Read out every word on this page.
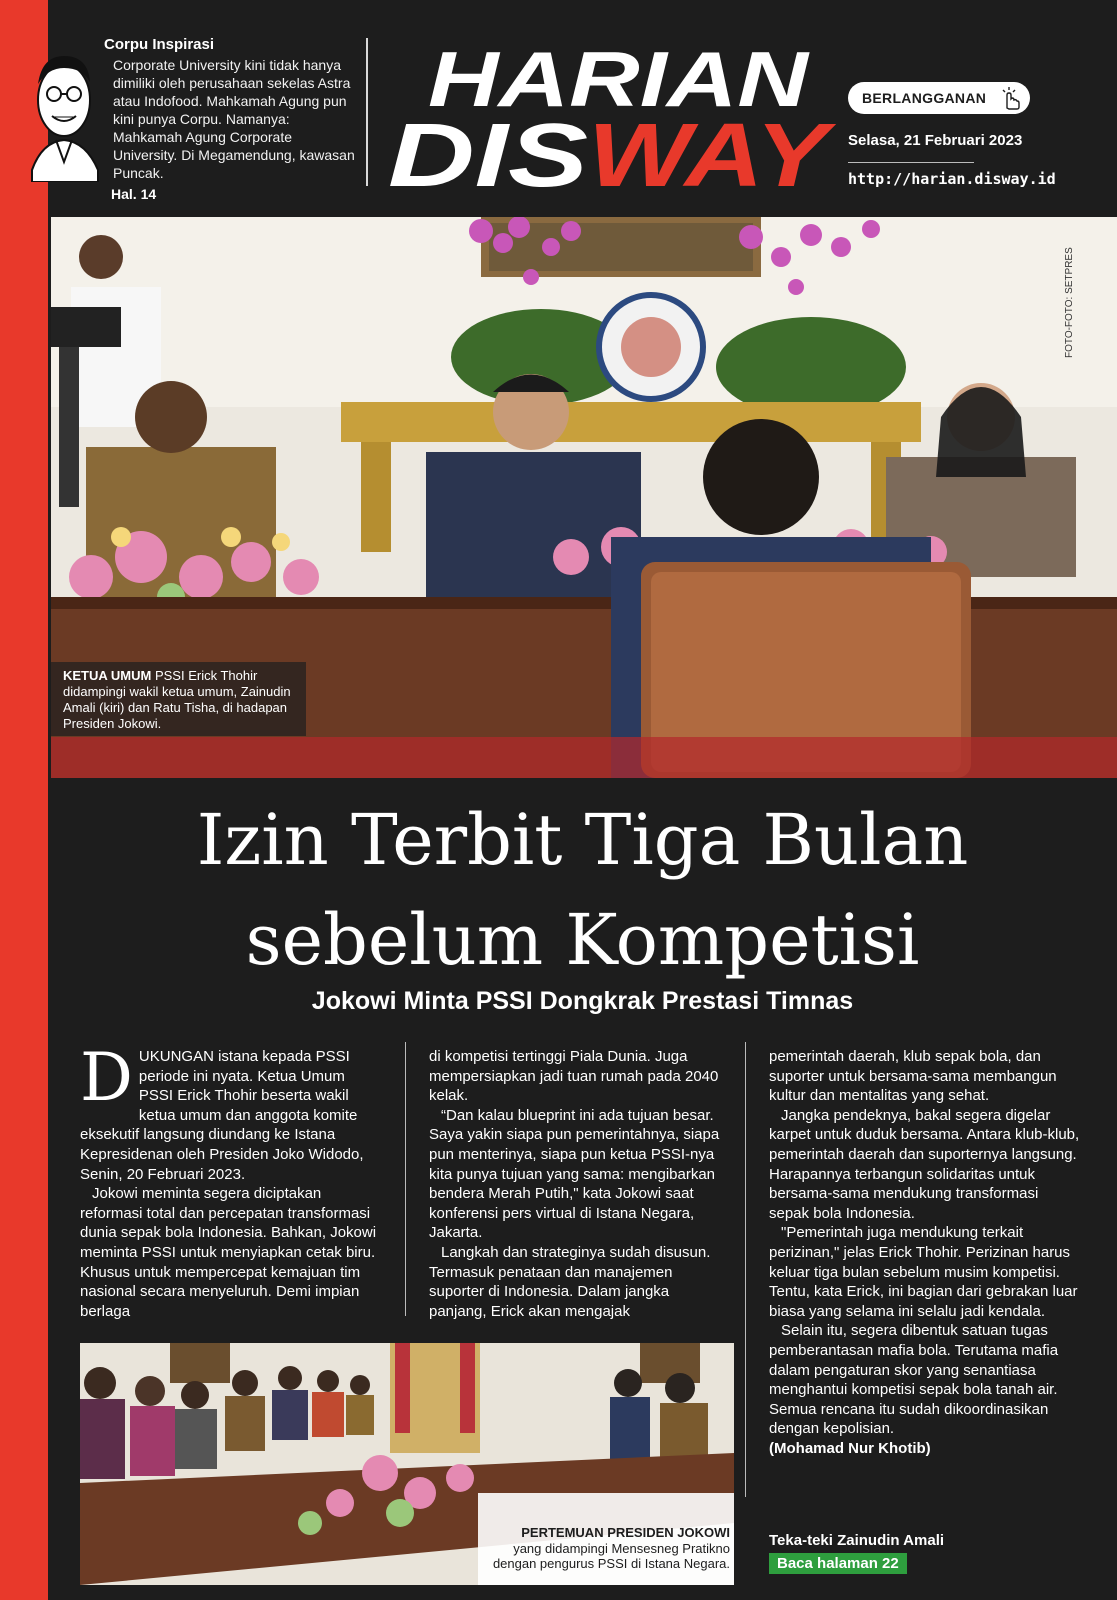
Corpu Inspirasi
Corporate University kini tidak hanya dimiliki oleh perusahaan sekelas Astra atau Indofood. Mahkamah Agung pun kini punya Corpu. Namanya: Mahkamah Agung Corporate University. Di Megamendung, kawasan Puncak.
Hal. 14
HARIAN
DIS WAY
BERLANGGANAN
Selasa, 21 Februari 2023
http://harian.disway.id
FOTO-FOTO: SETPRES
KETUA UMUM PSSI Erick Thohir didampingi wakil ketua umum, Zainudin Amali (kiri) dan Ratu Tisha, di hadapan Presiden Jokowi.
Izin Terbit Tiga Bulan
sebelum Kompetisi
Jokowi Minta PSSI Dongkrak Prestasi Timnas
D UKUNGAN istana kepada PSSI periode ini nyata. Ketua Umum PSSI Erick Thohir beserta wakil ketua umum dan anggota komite eksekutif langsung diundang ke Istana Kepresidenan oleh Presiden Joko Widodo, Senin, 20 Februari 2023.

Jokowi meminta segera diciptakan reformasi total dan percepatan transformasi dunia sepak bola Indonesia. Bahkan, Jokowi meminta PSSI untuk menyiapkan cetak biru. Khusus untuk mempercepat kemajuan tim nasional secara menyeluruh. Demi impian berlaga

di kompetisi tertinggi Piala Dunia. Juga mempersiapkan jadi tuan rumah pada 2040 kelak.

“Dan kalau blueprint ini ada tujuan besar. Saya yakin siapa pun pemerintahnya, siapa pun menterinya, siapa pun ketua PSSI-nya kita punya tujuan yang sama: mengibarkan bendera Merah Putih," kata Jokowi saat konferensi pers virtual di Istana Negara, Jakarta.

Langkah dan strateginya sudah disusun. Termasuk penataan dan manajemen suporter di Indonesia. Dalam jangka panjang, Erick akan mengajak

pemerintah daerah, klub sepak bola, dan suporter untuk bersama-sama membangun kultur dan mentalitas yang sehat.

Jangka pendeknya, bakal segera digelar karpet untuk duduk bersama. Antara klub-klub, pemerintah daerah dan suporternya langsung. Harapannya terbangun solidaritas untuk bersama-sama mendukung transformasi sepak bola Indonesia.

"Pemerintah juga mendukung terkait perizinan," jelas Erick Thohir. Perizinan harus keluar tiga bulan sebelum musim kompetisi. Tentu, kata Erick, ini bagian dari gebrakan luar biasa yang selama ini selalu jadi kendala.

Selain itu, segera dibentuk satuan tugas pemberantasan mafia bola. Terutama mafia dalam pengaturan skor yang senantiasa menghantui kompetisi sepak bola tanah air. Semua rencana itu sudah dikoordinasikan dengan kepolisian.

(Mohamad Nur Khotib)

PERTEMUAN PRESIDEN JOKOWI
yang didampingi Mensesneg Pratikno dengan pengurus PSSI di Istana Negara.
Teka-teki Zainudin Amali
Baca halaman 22
